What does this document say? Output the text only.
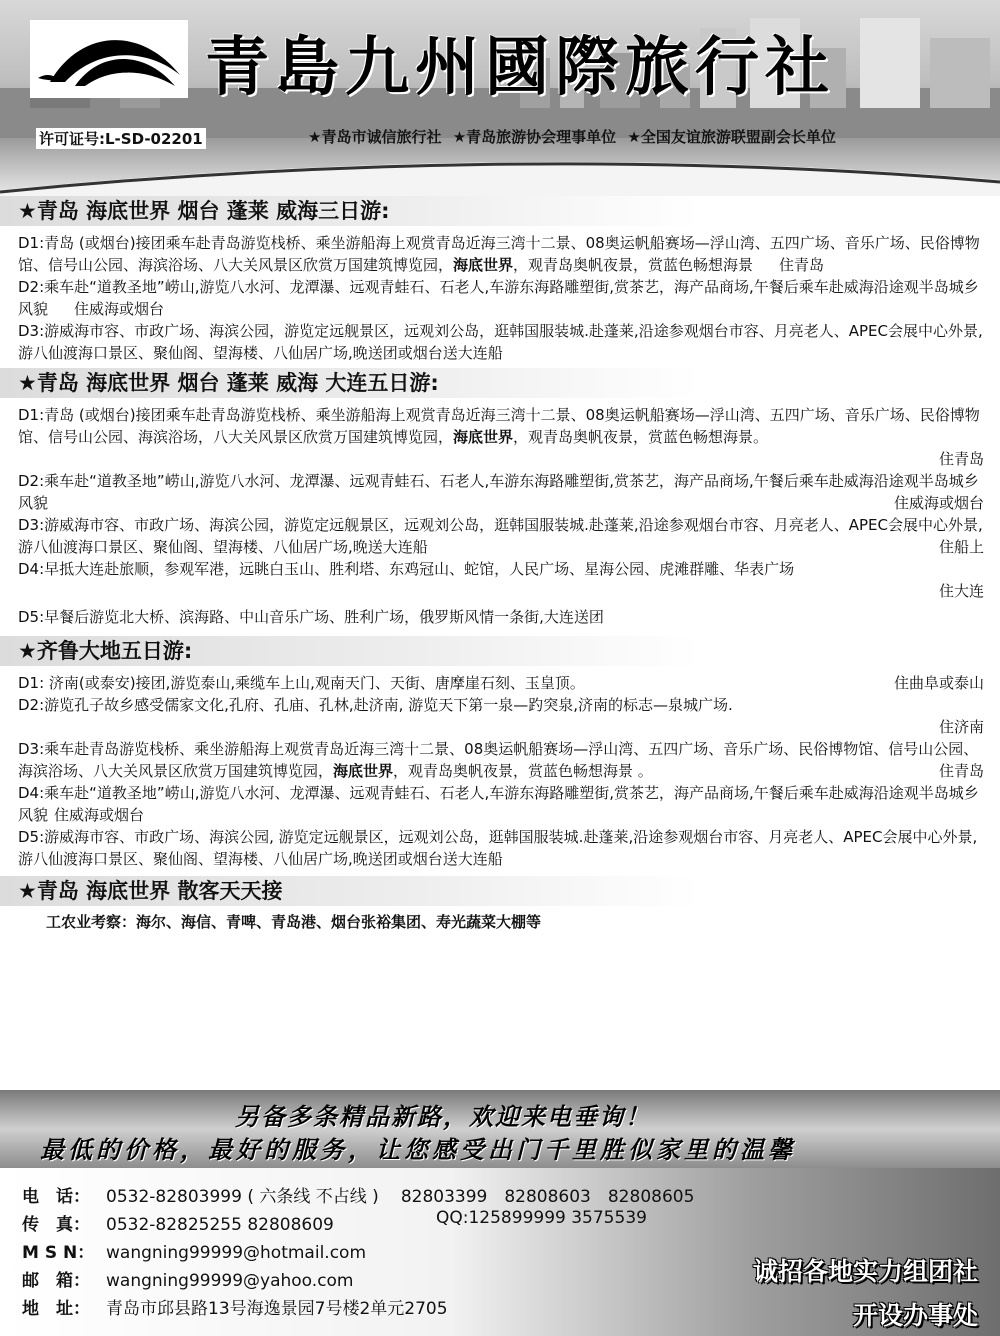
青島九州國際旅行社
许可证号:L-SD-02201	★青岛市诚信旅行社 ★青岛旅游协会理事单位 ★全国友谊旅游联盟副会长单位
★青岛 海底世界 烟台 蓬莱 威海三日游:

D1:青岛 (或烟台)接团乘车赴青岛游览栈桥、乘坐游船海上观赏青岛近海三湾十二景、08奥运帆船赛场—浮山湾、五四广场、音乐广场、民俗博物馆、信号山公园、海滨浴场、八大关风景区欣赏万国建筑博览园，海底世界，观青岛奥帆夜景，赏蓝色畅想海景 住青岛

D2:乘车赴“道教圣地”崂山,游览八水河、龙潭瀑、远观青蛙石、石老人,车游东海路雕塑街,赏茶艺，海产品商场,午餐后乘车赴威海沿途观半岛城乡风貌 住威海或烟台

D3:游威海市容、市政广场、海滨公园，游览定远舰景区，远观刘公岛，逛韩国服装城.赴蓬莱,沿途参观烟台市容、月亮老人、APEC会展中心外景, 游八仙渡海口景区、聚仙阁、望海楼、八仙居广场,晚送团或烟台送大连船

★青岛 海底世界 烟台 蓬莱 威海 大连五日游:

D1:青岛 (或烟台)接团乘车赴青岛游览栈桥、乘坐游船海上观赏青岛近海三湾十二景、08奥运帆船赛场—浮山湾、五四广场、音乐广场、民俗博物馆、信号山公园、海滨浴场，八大关风景区欣赏万国建筑博览园，海底世界，观青岛奥帆夜景，赏蓝色畅想海景。

住青岛

D2:乘车赴“道教圣地”崂山,游览八水河、龙潭瀑、远观青蛙石、石老人,车游东海路雕塑街,赏茶艺，海产品商场,午餐后乘车赴威海沿途观半岛城乡风貌	住威海或烟台

D3:游威海市容、市政广场、海滨公园，游览定远舰景区，远观刘公岛，逛韩国服装城.赴蓬莱,沿途参观烟台市容、月亮老人、APEC会展中心外景, 游八仙渡海口景区、聚仙阁、望海楼、八仙居广场,晚送大连船	住船上

D4:早抵大连赴旅顺，参观军港，远眺白玉山、胜利塔、东鸡冠山、蛇馆，人民广场、星海公园、虎滩群雕、华表广场

住大连

D5:早餐后游览北大桥、滨海路、中山音乐广场、胜利广场，俄罗斯风情一条街,大连送团

★齐鲁大地五日游:

D1: 济南(或泰安)接团,游览泰山,乘缆车上山,观南天门、天街、唐摩崖石刻、玉皇顶。	住曲阜或泰山

D2:游览孔子故乡感受儒家文化,孔府、孔庙、孔林,赴济南, 游览天下第一泉—趵突泉,济南的标志—泉城广场.

住济南

D3:乘车赴青岛游览栈桥、乘坐游船海上观赏青岛近海三湾十二景、08奥运帆船赛场—浮山湾、五四广场、音乐广场、民俗博物馆、信号山公园、海滨浴场、八大关风景区欣赏万国建筑博览园，海底世界，观青岛奥帆夜景，赏蓝色畅想海景 。	住青岛

D4:乘车赴“道教圣地”崂山,游览八水河、龙潭瀑、远观青蛙石、石老人,车游东海路雕塑街,赏茶艺，海产品商场,午餐后乘车赴威海沿途观半岛城乡风貌 住威海或烟台

D5:游威海市容、市政广场、海滨公园, 游览定远舰景区，远观刘公岛，逛韩国服装城.赴蓬莱,沿途参观烟台市容、月亮老人、APEC会展中心外景, 游八仙渡海口景区、聚仙阁、望海楼、八仙居广场,晚送团或烟台送大连船

★青岛 海底世界 散客天天接
工农业考察：海尔、海信、青啤、青岛港、烟台张裕集团、寿光蔬菜大棚等
另备多条精品新路，欢迎来电垂询！
最低的价格，最好的服务，让您感受出门千里胜似家里的温馨
电　话： 0532-82803999 ( 六条线 不占线 ) 82803399　82808603　82808605
传　真： 0532-82825255 82808609	QQ:125899999 3575539
M S N： wangning99999@hotmail.com
邮　箱： wangning99999@yahoo.com
地　址： 青岛市邱县路13号海逸景园7号楼2单元2705
诚招各地实力组团社
开设办事处
